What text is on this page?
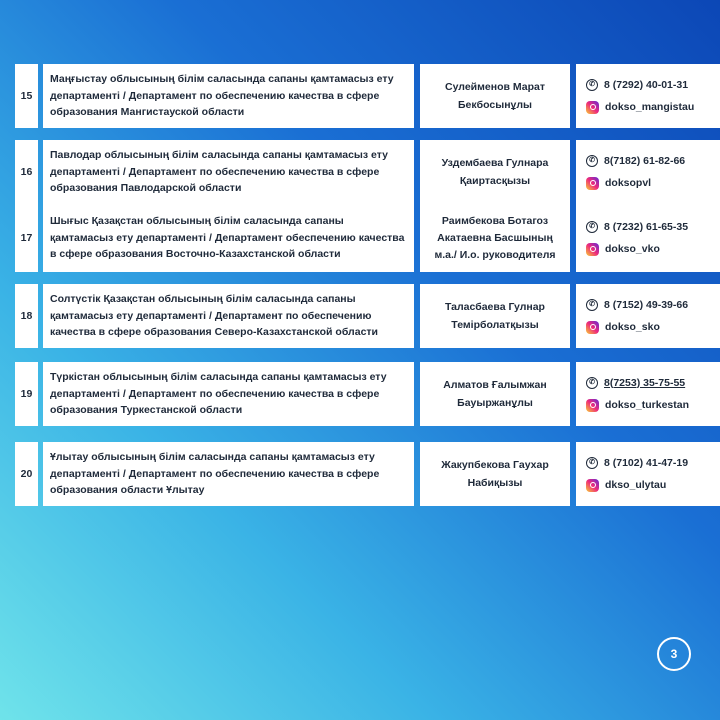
15
Маңғыстау облысының білім саласында сапаны қамтамасыз ету департаменті / Департамент по обеспечению качества в сфере образования Мангистауской области
Сулейменов Марат Бекбосынұлы
✆ 8 (7292) 40-01-31
dokso_mangistau
16
Павлодар облысының білім саласында сапаны қамтамасыз ету департаменті / Департамент по обеспечению качества в сфере образования Павлодарской области
Уздембаева Гулнара Қаиртасқызы
✆ 8(7182) 61-82-66
doksopvl
17
Шығыс Қазақстан облысының білім саласында сапаны қамтамасыз ету департаменті / Департамент обеспечению качества в сфере образования Восточно-Казахстанской области
Раимбекова Ботагоз Акатаевна Басшының м.а./ И.о. руководителя
✆ 8 (7232) 61-65-35
dokso_vko
18
Солтүстік Қазақстан облысының білім саласында сапаны қамтамасыз ету департаменті / Департамент по обеспечению качества в сфере образования Северо-Казахстанской области
Таласбаева Гулнар Темірболатқызы
✆ 8 (7152) 49-39-66
dokso_sko
19
Түркістан облысының білім саласында сапаны қамтамасыз ету департаменті / Департамент по обеспечению качества в сфере образования Туркестанской области
Алматов Ғалымжан Бауыржанұлы
✆ 8(7253) 35-75-55
dokso_turkestan
20
Ұлытау облысының білім саласында сапаны қамтамасыз ету департаменті / Департамент по обеспечению качества в сфере образования области Ұлытау
Жакупбекова Гаухар Набиқызы
✆ 8 (7102) 41-47-19
dkso_ulytau
3
